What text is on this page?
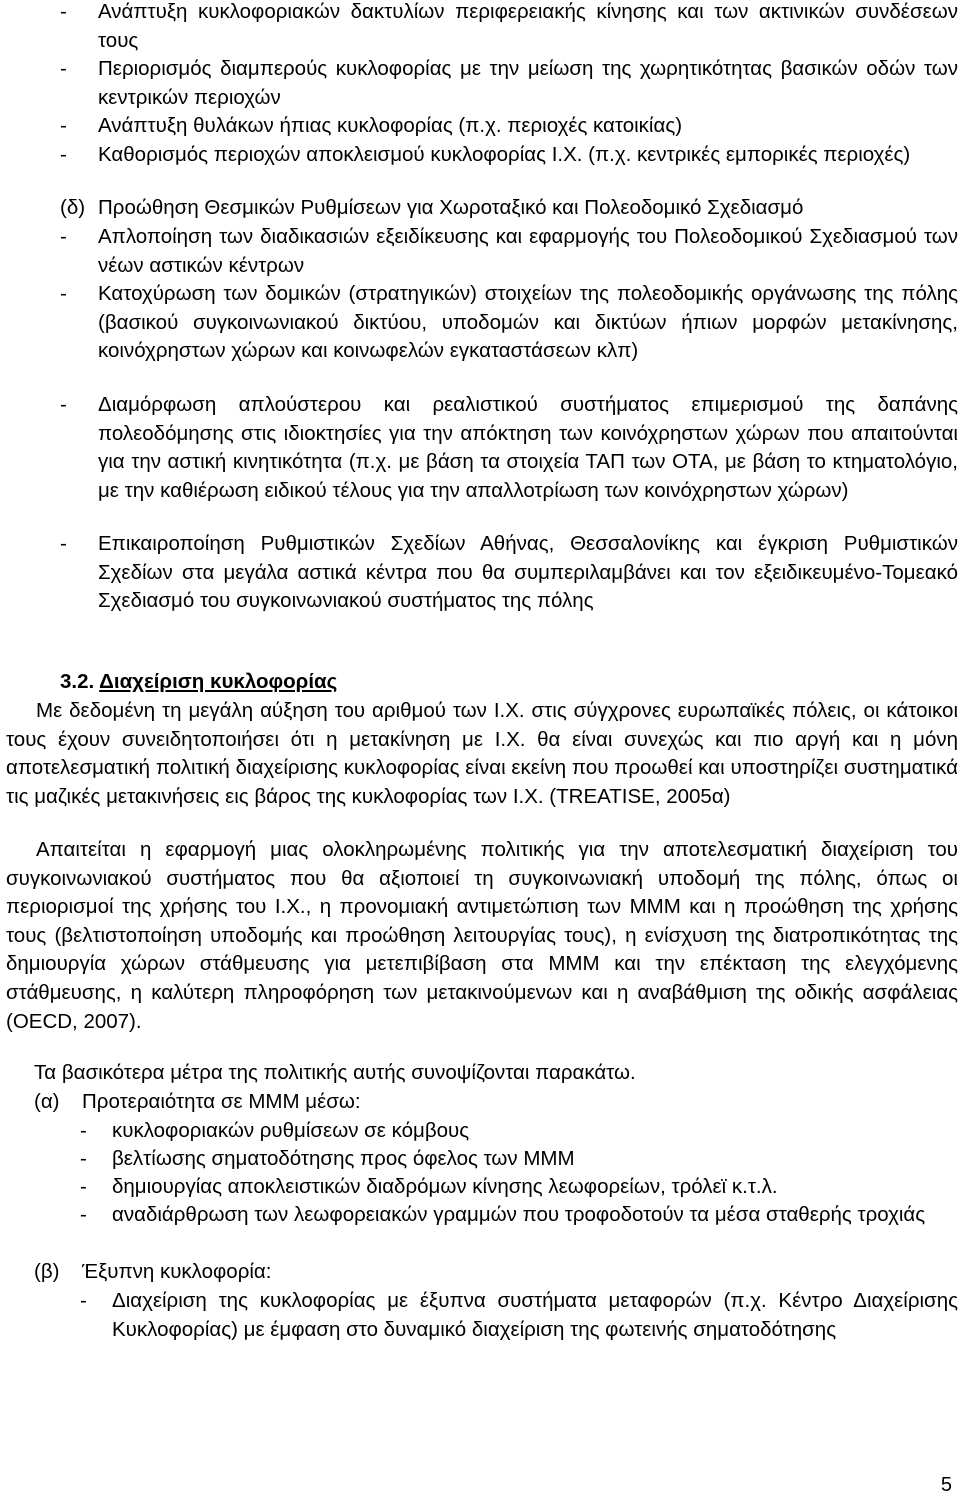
-	Ανάπτυξη κυκλοφοριακών δακτυλίων περιφερειακής κίνησης και των ακτινικών συνδέσεων τους
-	Περιορισμός διαμπερούς κυκλοφορίας με την μείωση της χωρητικότητας βασικών οδών των κεντρικών περιοχών
-	Ανάπτυξη θυλάκων ήπιας κυκλοφορίας (π.χ. περιοχές κατοικίας)
-	Καθορισμός περιοχών αποκλεισμού κυκλοφορίας Ι.Χ. (π.χ. κεντρικές εμπορικές περιοχές)
(δ) Προώθηση Θεσμικών Ρυθμίσεων για Χωροταξικό και Πολεοδομικό Σχεδιασμό
-	Απλοποίηση των διαδικασιών εξειδίκευσης και εφαρμογής του Πολεοδομικού Σχεδιασμού των νέων αστικών κέντρων
-	Κατοχύρωση των δομικών (στρατηγικών) στοιχείων της πολεοδομικής οργάνωσης της πόλης (βασικού συγκοινωνιακού δικτύου, υποδομών και δικτύων ήπιων μορφών μετακίνησης, κοινόχρηστων χώρων και κοινωφελών εγκαταστάσεων κλπ)
-	Διαμόρφωση απλούστερου και ρεαλιστικού συστήματος επιμερισμού της δαπάνης πολεοδόμησης στις ιδιοκτησίες για την απόκτηση των κοινόχρηστων χώρων που απαιτούνται για την αστική κινητικότητα (π.χ. με βάση τα στοιχεία ΤΑΠ των ΟΤΑ, με βάση το κτηματολόγιο, με την καθιέρωση ειδικού τέλους για την απαλλοτρίωση των κοινόχρηστων χώρων)
-	Επικαιροποίηση Ρυθμιστικών Σχεδίων Αθήνας, Θεσσαλονίκης και έγκριση Ρυθμιστικών Σχεδίων στα μεγάλα αστικά κέντρα που θα συμπεριλαμβάνει και τον εξειδικευμένο-Τομεακό Σχεδιασμό του συγκοινωνιακού συστήματος της πόλης
3.2. Διαχείριση κυκλοφορίας
Με δεδομένη τη μεγάλη αύξηση του αριθμού των Ι.Χ. στις σύγχρονες ευρωπαϊκές πόλεις, οι κάτοικοι τους έχουν συνειδητοποιήσει ότι η μετακίνηση με Ι.Χ. θα είναι συνεχώς και πιο αργή και η μόνη αποτελεσματική πολιτική διαχείρισης κυκλοφορίας είναι εκείνη που προωθεί και υποστηρίζει συστηματικά τις μαζικές μετακινήσεις εις βάρος της κυκλοφορίας των Ι.Χ. (TREATISE, 2005α)
Απαιτείται η εφαρμογή μιας ολοκληρωμένης πολιτικής για την αποτελεσματική διαχείριση του συγκοινωνιακού συστήματος που θα αξιοποιεί τη συγκοινωνιακή υποδομή της πόλης, όπως οι περιορισμοί της χρήσης του Ι.Χ., η προνομιακή αντιμετώπιση των ΜΜΜ και η προώθηση της χρήσης τους (βελτιστοποίηση υποδομής και προώθηση λειτουργίας τους), η ενίσχυση της διατροπικότητας της δημιουργία χώρων στάθμευσης για μετεπιβίβαση στα ΜΜΜ και την επέκταση της ελεγχόμενης στάθμευσης, η καλύτερη πληροφόρηση των μετακινούμενων και η αναβάθμιση της οδικής ασφάλειας (OECD, 2007).
Τα βασικότερα μέτρα της πολιτικής αυτής συνοψίζονται παρακάτω.
(α)	Προτεραιότητα σε ΜΜΜ μέσω:
-	κυκλοφοριακών ρυθμίσεων σε κόμβους
-	βελτίωσης σηματοδότησης προς όφελος των ΜΜΜ
-	δημιουργίας αποκλειστικών διαδρόμων κίνησης λεωφορείων, τρόλεϊ κ.τ.λ.
-	αναδιάρθρωση των λεωφορειακών γραμμών που τροφοδοτούν τα μέσα σταθερής τροχιάς
(β)	Έξυπνη κυκλοφορία:
-	Διαχείριση της κυκλοφορίας με έξυπνα συστήματα μεταφορών (π.χ. Κέντρο Διαχείρισης Κυκλοφορίας) με έμφαση στο δυναμικό διαχείριση της φωτεινής σηματοδότησης
5
